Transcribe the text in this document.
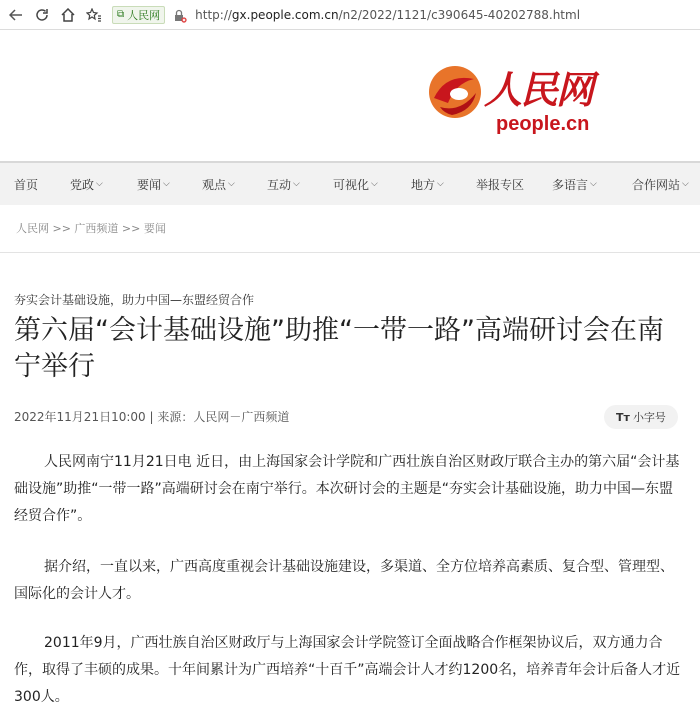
⧉ 人民网	http://gx.people.com.cn/n2/2022/1121/c390645-40202788.html
人民网
people.cn
首页	党政 ⌵	要闻 ⌵	观点 ⌵	互动 ⌵	可视化 ⌵	地方 ⌵	举报专区 多语言 ⌵	合作网站 ⌵
人民网 >> 广西频道 >> 要闻
夯实会计基础设施，助力中国—东盟经贸合作
第六届“会计基础设施”助推“一带一路”高端研讨会在南宁举行
2022年11月21日10:00 | 来源：人民网－广西频道	Tт 小字号

人民网南宁11月21日电 近日，由上海国家会计学院和广西壮族自治区财政厅联合主办的第六届“会计基础设施”助推“一带一路”高端研讨会在南宁举行。本次研讨会的主题是“夯实会计基础设施，助力中国—东盟经贸合作”。

据介绍，一直以来，广西高度重视会计基础设施建设，多渠道、全方位培养高素质、复合型、管理型、国际化的会计人才。

2011年9月，广西壮族自治区财政厅与上海国家会计学院签订全面战略合作框架协议后，双方通力合作，取得了丰硕的成果。十年间累计为广西培养“十百千”高端会计人才约1200名，培养青年会计后备人才近300人。
